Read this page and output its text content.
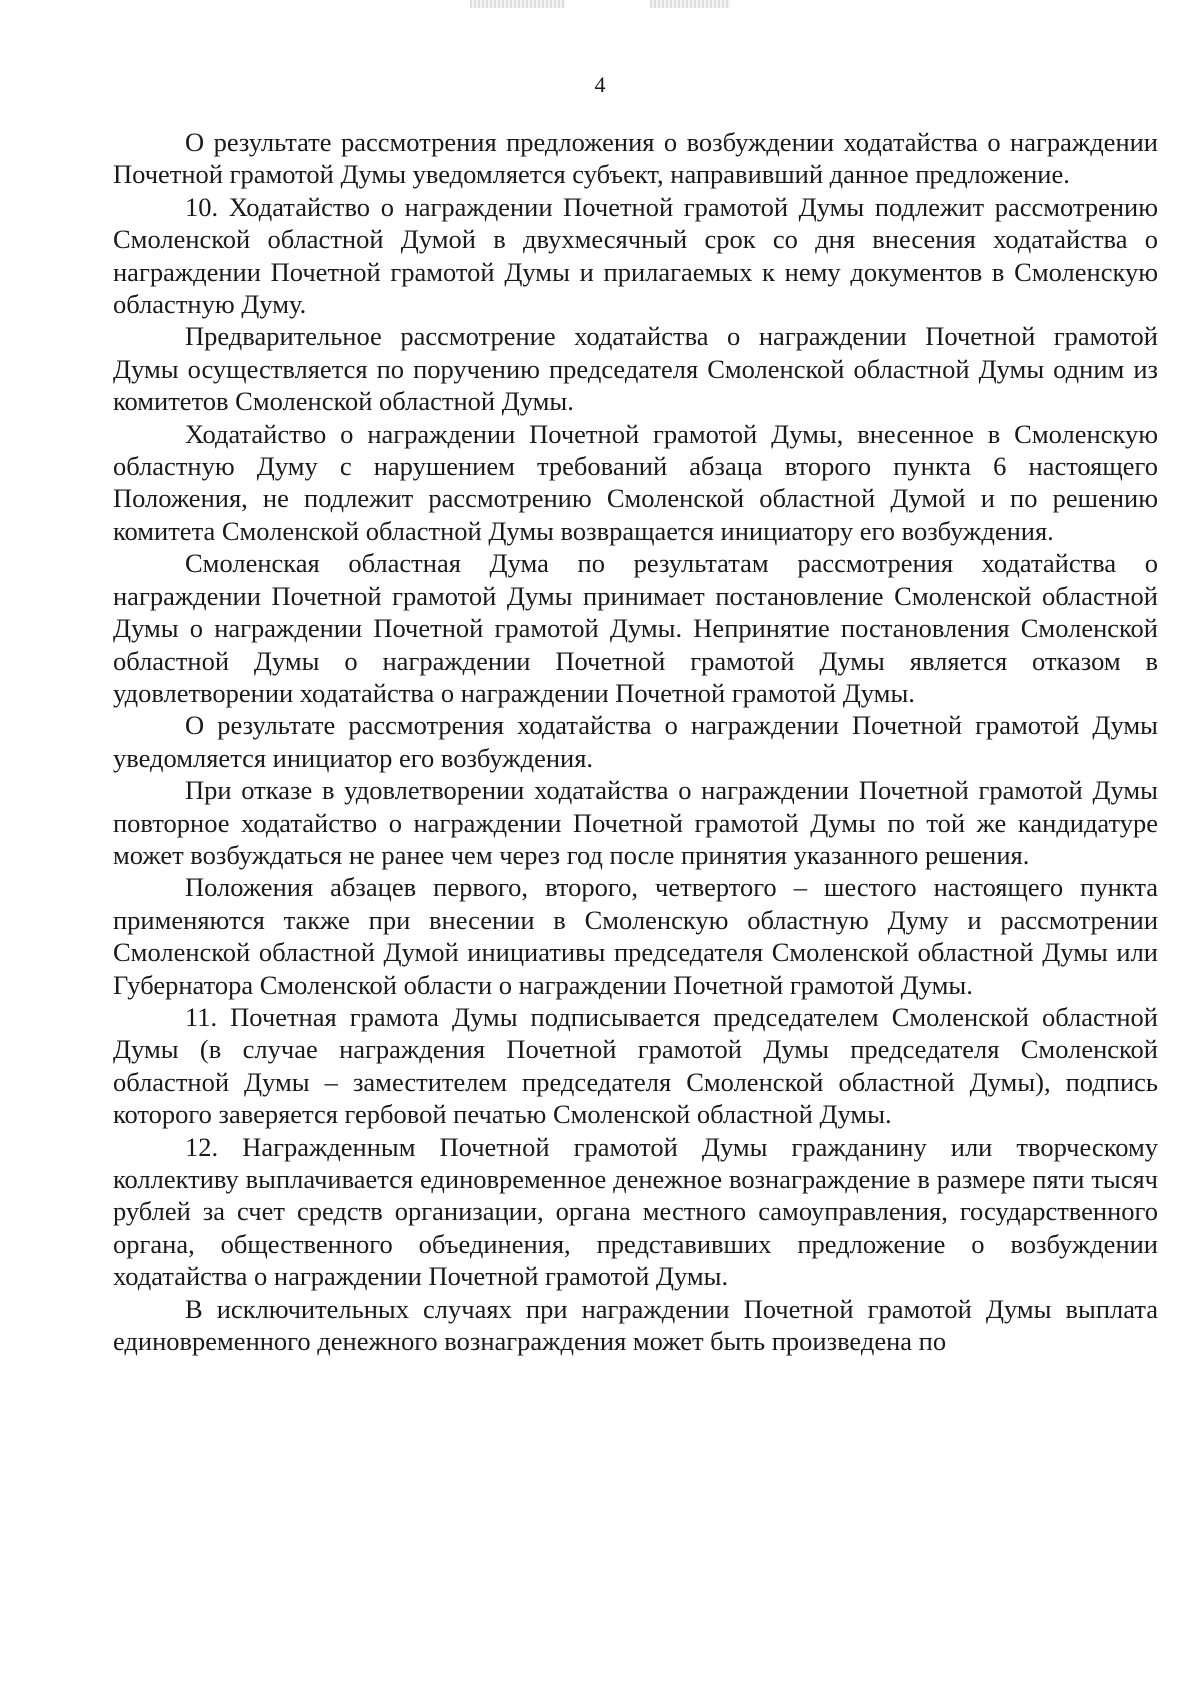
4

О результате рассмотрения предложения о возбуждении ходатайства о награждении Почетной грамотой Думы уведомляется субъект, направивший данное предложение.

10. Ходатайство о награждении Почетной грамотой Думы подлежит рассмотрению Смоленской областной Думой в двухмесячный срок со дня внесения ходатайства о награждении Почетной грамотой Думы и прилагаемых к нему документов в Смоленскую областную Думу.

Предварительное рассмотрение ходатайства о награждении Почетной грамотой Думы осуществляется по поручению председателя Смоленской областной Думы одним из комитетов Смоленской областной Думы.

Ходатайство о награждении Почетной грамотой Думы, внесенное в Смоленскую областную Думу с нарушением требований абзаца второго пункта 6 настоящего Положения, не подлежит рассмотрению Смоленской областной Думой и по решению комитета Смоленской областной Думы возвращается инициатору его возбуждения.

Смоленская областная Дума по результатам рассмотрения ходатайства о награждении Почетной грамотой Думы принимает постановление Смоленской областной Думы о награждении Почетной грамотой Думы. Непринятие постановления Смоленской областной Думы о награждении Почетной грамотой Думы является отказом в удовлетворении ходатайства о награждении Почетной грамотой Думы.

О результате рассмотрения ходатайства о награждении Почетной грамотой Думы уведомляется инициатор его возбуждения.

При отказе в удовлетворении ходатайства о награждении Почетной грамотой Думы повторное ходатайство о награждении Почетной грамотой Думы по той же кандидатуре может возбуждаться не ранее чем через год после принятия указанного решения.

Положения абзацев первого, второго, четвертого – шестого настоящего пункта применяются также при внесении в Смоленскую областную Думу и рассмотрении Смоленской областной Думой инициативы председателя Смоленской областной Думы или Губернатора Смоленской области о награждении Почетной грамотой Думы.

11. Почетная грамота Думы подписывается председателем Смоленской областной Думы (в случае награждения Почетной грамотой Думы председателя Смоленской областной Думы – заместителем председателя Смоленской областной Думы), подпись которого заверяется гербовой печатью Смоленской областной Думы.

12. Награжденным Почетной грамотой Думы гражданину или творческому коллективу выплачивается единовременное денежное вознаграждение в размере пяти тысяч рублей за счет средств организации, органа местного самоуправления, государственного органа, общественного объединения, представивших предложение о возбуждении ходатайства о награждении Почетной грамотой Думы.

В исключительных случаях при награждении Почетной грамотой Думы выплата единовременного денежного вознаграждения может быть произведена по
